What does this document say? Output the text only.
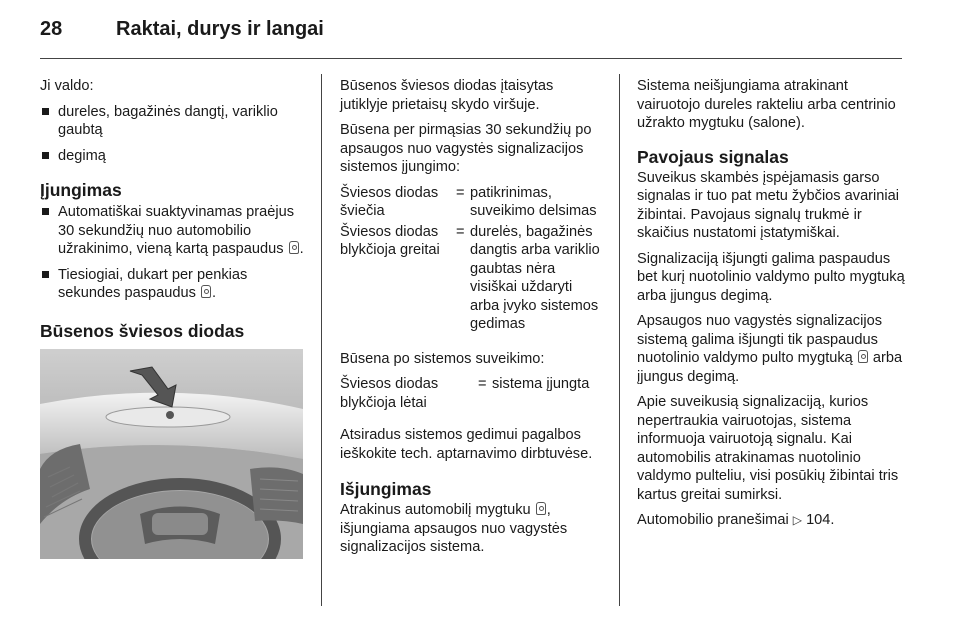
28	Raktai, durys ir langai

Ji valdo:

dureles, bagažinės dangtį, variklio gaubtą
degimą
Įjungimas
Automatiškai suaktyvinamas praėjus 30 sekundžių nuo automobilio užrakinimo, vieną kartą paspaudus .
Tiesiogiai, dukart per penkias sekundes paspaudus .
Būsenos šviesos diodas

Būsenos šviesos diodas įtaisytas jutiklyje prietaisų skydo viršuje.

Būsena per pirmąsias 30 sekundžių po apsaugos nuo vagystės signalizacijos sistemos įjungimo:

Šviesos diodas šviečia
= patikrinimas, suveikimo delsimas
Šviesos diodas blykčioja greitai
= durelės, bagažinės dangtis arba variklio gaubtas nėra visiškai uždaryti arba įvyko sistemos gedimas

Būsena po sistemos suveikimo:

Šviesos diodas blykčioja lėtai
= sistema įjungta

Atsiradus sistemos gedimui pagalbos ieškokite tech. aptarnavimo dirbtuvėse.

Išjungimas

Atrakinus automobilį mygtuku , išjungiama apsaugos nuo vagystės signalizacijos sistema.

Sistema neišjungiama atrakinant vairuotojo dureles rakteliu arba centrinio užrakto mygtuku (salone).

Pavojaus signalas

Suveikus skambės įspėjamasis garso signalas ir tuo pat metu žybčios avariniai žibintai. Pavojaus signalų trukmė ir skaičius nustatomi įstatymiškai.

Signalizaciją išjungti galima paspaudus bet kurį nuotolinio valdymo pulto mygtuką arba įjungus degimą.

Apsaugos nuo vagystės signalizacijos sistemą galima išjungti tik paspaudus nuotolinio valdymo pulto mygtuką arba įjungus degimą.

Apie suveikusią signalizaciją, kurios nepertraukia vairuotojas, sistema informuoja vairuotoją signalu. Kai automobilis atrakinamas nuotolinio valdymo pulteliu, visi posūkių žibintai tris kartus greitai sumirksi.

Automobilio pranešimai ▷ 104.
